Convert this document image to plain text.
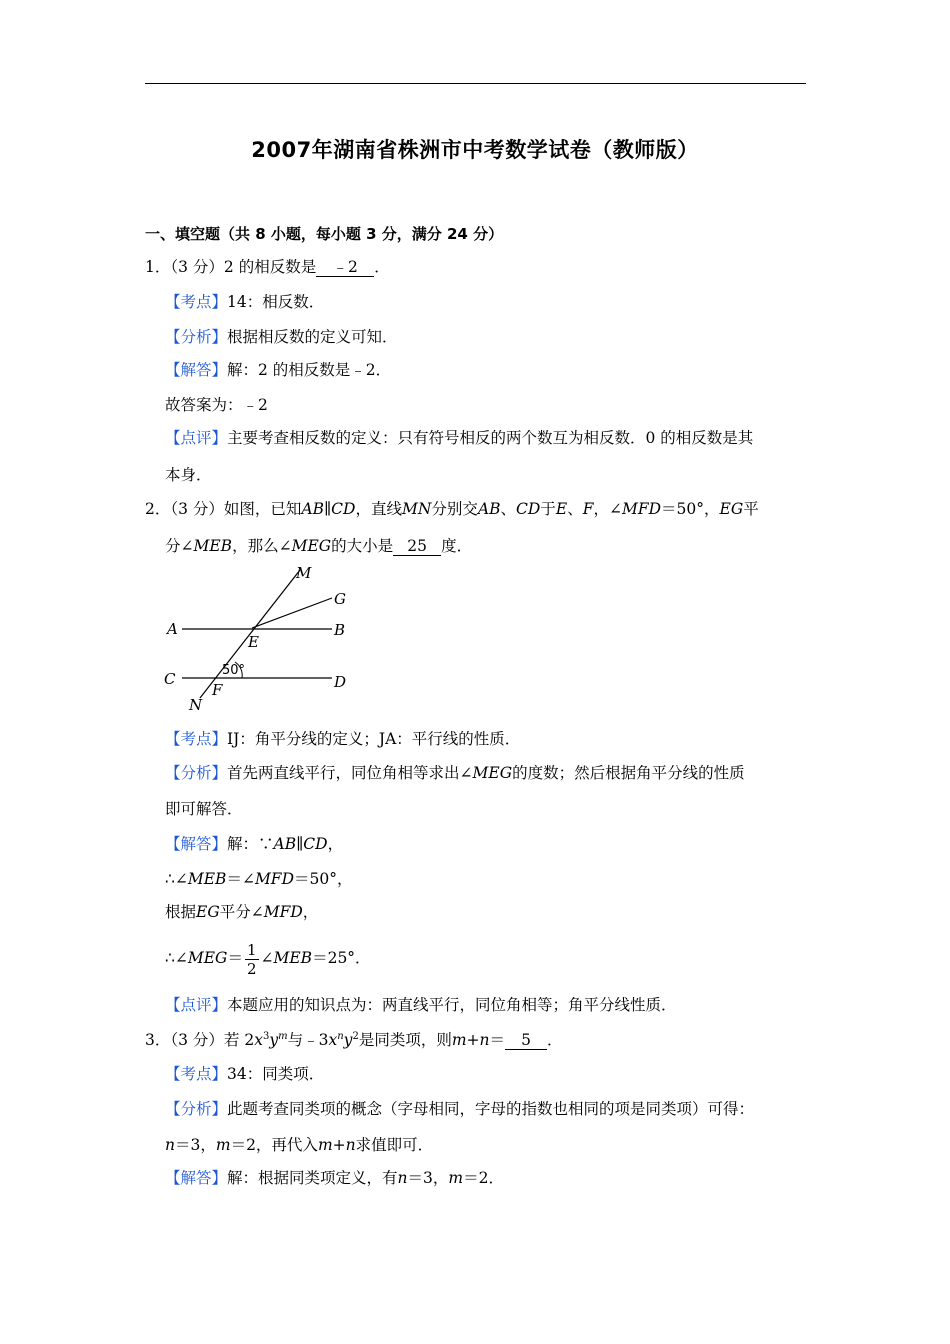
2007年湖南省株洲市中考数学试卷（教师版）
一、填空题（共 8 小题，每小题 3 分，满分 24 分）
1．（3 分）2 的相反数是 ﹣2 ．
【考点】14：相反数．
【分析】根据相反数的定义可知．
【解答】解：2 的相反数是﹣2．
故答案为：﹣2
【点评】主要考查相反数的定义：只有符号相反的两个数互为相反数．0 的相反数是其
本身．
2．（3 分）如图，已知AB∥CD，直线MN分别交AB、CD于E、F，∠MFD＝50°，EG平
分∠MEB，那么∠MEG的大小是 25 度．
M
G
A
E
B
C	50°
D
F
N
【考点】IJ：角平分线的定义；JA：平行线的性质．
【分析】首先两直线平行，同位角相等求出∠MEG的度数；然后根据角平分线的性质
即可解答．
【解答】解：∵AB∥CD，
∴∠MEB＝∠MFD＝50°，
根据EG平分∠MFD，
∴∠MEG＝ $\frac{1}{2}$ ∠MEB＝25°．
【点评】本题应用的知识点为：两直线平行，同位角相等；角平分线性质．
3．（3 分）若 $2x^3y^m$与$﹣3x^ny^2$是同类项，则m+n＝ 5 ．
【考点】34：同类项．
【分析】此题考查同类项的概念（字母相同，字母的指数也相同的项是同类项）可得：
n＝3，m＝2，再代入m+n求值即可．
【解答】解：根据同类项定义，有n＝3，m＝2．
